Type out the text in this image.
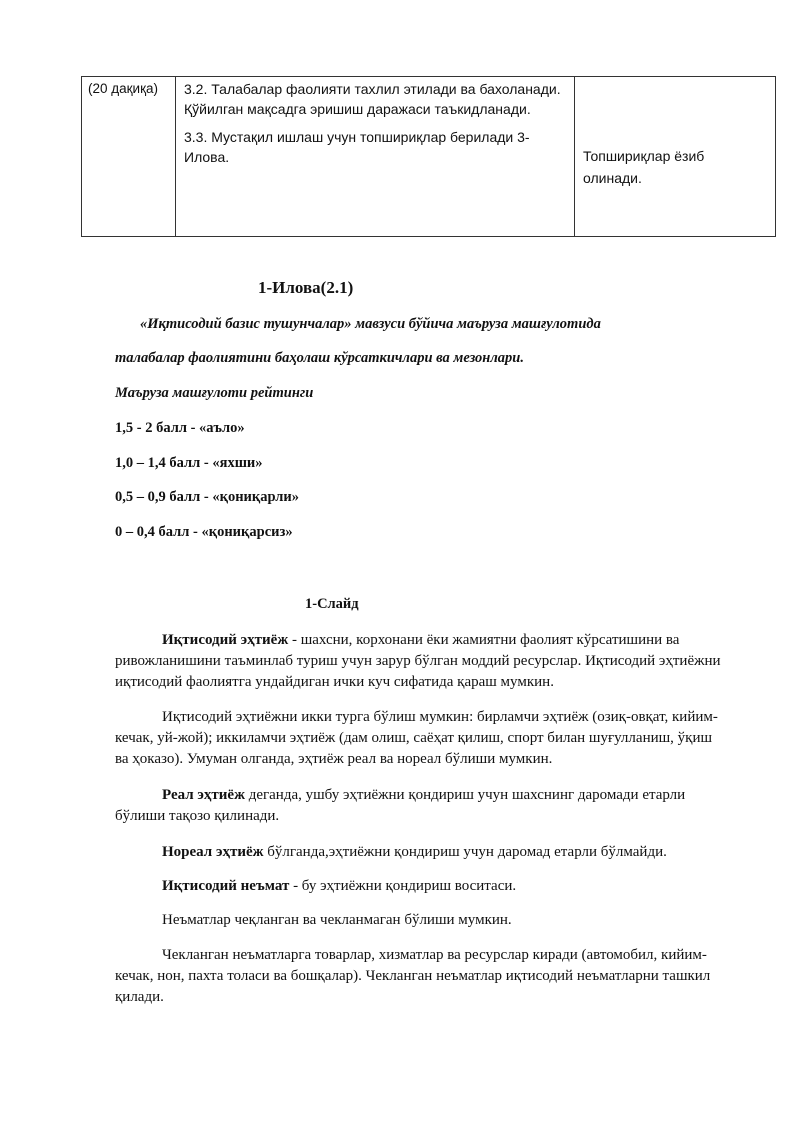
(20 дақиқа)	3.2. Талабалар фаолияти тахлил этилади ва бахоланади. Қўйилган мақсадга эришиш даражаси таъкидланади.

3.3. Мустақил ишлаш учун топшириқлар берилади 3-Илова.	Топшириқлар ёзиб олинади.
1-Илова(2.1)
«Иқтисодий базис тушунчалар» мавзуси бўйича маъруза машғулотида
талабалар фаолиятини баҳолаш кўрсаткичлари ва мезонлари.
Маъруза машғулоти рейтинги
1,5 - 2 балл - «аъло»
1,0 – 1,4 балл - «яхши»
0,5 – 0,9 балл - «қониқарли»
0 – 0,4 балл - «қониқарсиз»
1-Слайд

Иқтисодий эҳтиёж - шахсни, корхонани ёки жамиятни фаолият кўрсатишини ва ривожланишини таъминлаб туриш учун зарур бўлган моддий ресурслар. Иқтисодий эҳтиёжни иқтисодий фаолиятга ундайдиган ички куч сифатида қараш мумкин.

Иқтисодий эҳтиёжни икки турга бўлиш мумкин: бирламчи эҳтиёж (озиқ-овқат, кийим-кечак, уй-жой); иккиламчи эҳтиёж (дам олиш, саёҳат қилиш, спорт билан шуғулланиш, ўқиш ва ҳоказо). Умуман олганда, эҳтиёж реал ва нореал бўлиши мумкин.

Реал эҳтиёж деганда, ушбу эҳтиёжни қондириш учун шахснинг даромади етарли бўлиши тақозо қилинади.

Нореал эҳтиёж бўлганда,эҳтиёжни қондириш учун даромад етарли бўлмайди.

Иқтисодий неъмат - бу эҳтиёжни қондириш воситаси.

Неъматлар чеқланган ва чекланмаган бўлиши мумкин.

Чекланган неъматларга товарлар, хизматлар ва ресурслар киради (автомобил, кийим-кечак, нон, пахта толаси ва бошқалар). Чекланган неъматлар иқтисодий неъматларни ташкил қилади.
